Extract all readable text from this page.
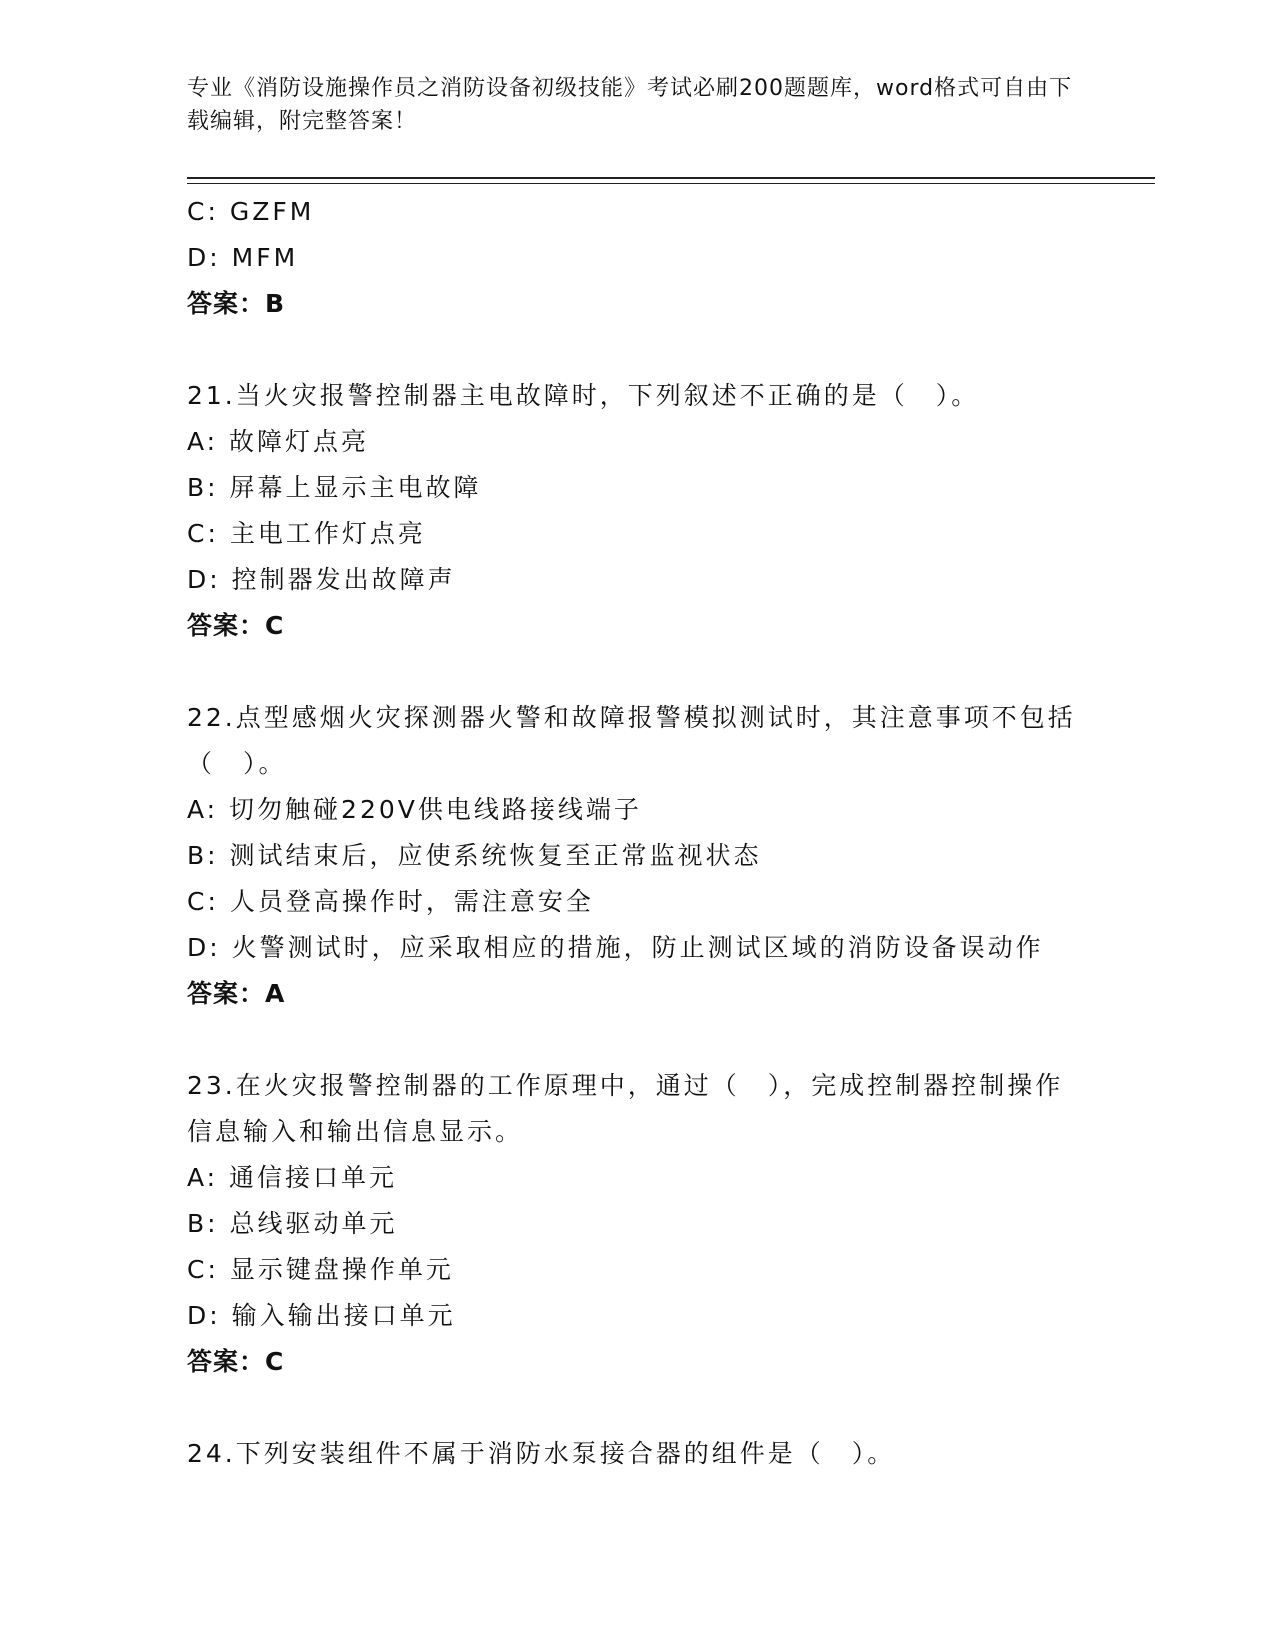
专业《消防设施操作员之消防设备初级技能》考试必刷200题题库，word格式可自由下载编辑，附完整答案！
C: GZFM
D: MFM
答案：B
21.当火灾报警控制器主电故障时，下列叙述不正确的是（　）。
A: 故障灯点亮
B: 屏幕上显示主电故障
C: 主电工作灯点亮
D: 控制器发出故障声
答案：C
22.点型感烟火灾探测器火警和故障报警模拟测试时，其注意事项不包括（　）。
A: 切勿触碰220V供电线路接线端子
B: 测试结束后，应使系统恢复至正常监视状态
C: 人员登高操作时，需注意安全
D: 火警测试时，应采取相应的措施，防止测试区域的消防设备误动作
答案：A
23.在火灾报警控制器的工作原理中，通过（　），完成控制器控制操作信息输入和输出信息显示。
A: 通信接口单元
B: 总线驱动单元
C: 显示键盘操作单元
D: 输入输出接口单元
答案：C
24.下列安装组件不属于消防水泵接合器的组件是（　）。
